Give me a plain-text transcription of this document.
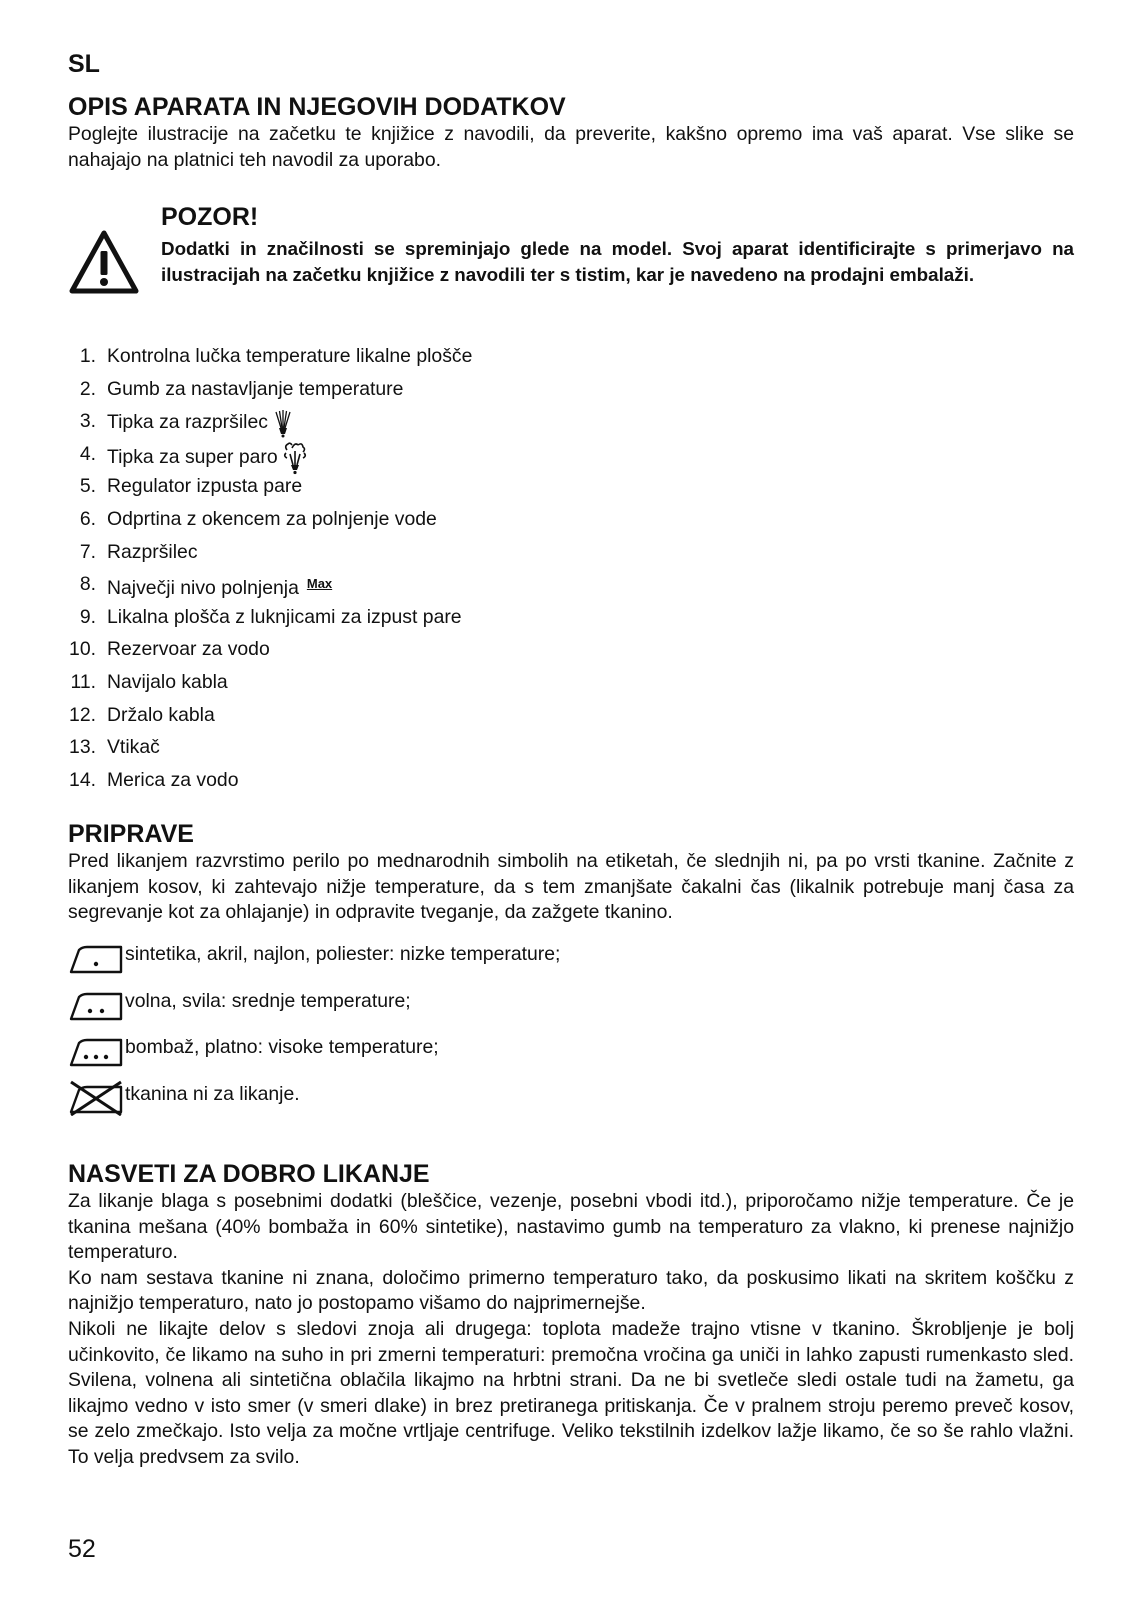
SL
OPIS APARATA IN NJEGOVIH DODATKOV
Poglejte ilustracije na začetku te knjižice z navodili, da preverite, kakšno opremo ima vaš aparat. Vse slike se nahajajo na platnici teh navodil za uporabo.
POZOR!
Dodatki in značilnosti se spreminjajo glede na model. Svoj aparat identificirajte s primerjavo na ilustracijah na začetku knjižice z navodili ter s tistim, kar je navedeno na prodajni embalaži.
1. Kontrolna lučka temperature likalne plošče
2. Gumb za nastavljanje temperature
3. Tipka za razpršilec
4. Tipka za super paro
5. Regulator izpusta pare
6. Odprtina z okencem za polnjenje vode
7. Razpršilec
8. Največji nivo polnjenja $^{Max}$
9. Likalna plošča z luknjicami za izpust pare
10. Rezervoar za vodo
11. Navijalo kabla
12. Držalo kabla
13. Vtikač
14. Merica za vodo
PRIPRAVE
Pred likanjem razvrstimo perilo po mednarodnih simbolih na etiketah, če slednjih ni, pa po vrsti tkanine. Začnite z likanjem kosov, ki zahtevajo nižje temperature, da s tem zmanjšate čakalni čas (likalnik potrebuje manj časa za segrevanje kot za ohlajanje) in odpravite tveganje, da zažgete tkanino.
sintetika, akril, najlon, poliester: nizke temperature;
volna, svila: srednje temperature;
bombaž, platno: visoke temperature;
tkanina ni za likanje.
NASVETI ZA DOBRO LIKANJE
Za likanje blaga s posebnimi dodatki (bleščice, vezenje, posebni vbodi itd.), priporočamo nižje temperature. Če je tkanina mešana (40% bombaža in 60% sintetike), nastavimo gumb na temperaturo za vlakno, ki prenese najnižjo temperaturo.
Ko nam sestava tkanine ni znana, določimo primerno temperaturo tako, da poskusimo likati na skritem koščku z najnižjo temperaturo, nato jo postopamo višamo do najprimernejše.
Nikoli ne likajte delov s sledovi znoja ali drugega: toplota madeže trajno vtisne v tkanino. Škrobljenje je bolj učinkovito, če likamo na suho in pri zmerni temperaturi: premočna vročina ga uniči in lahko zapusti rumenkasto sled. Svilena, volnena ali sintetična oblačila likajmo na hrbtni strani. Da ne bi svetleče sledi ostale tudi na žametu, ga likajmo vedno v isto smer (v smeri dlake) in brez pretiranega pritiskanja. Če v pralnem stroju peremo preveč kosov, se zelo zmečkajo. Isto velja za močne vrtljaje centrifuge. Veliko tekstilnih izdelkov lažje likamo, če so še rahlo vlažni. To velja predvsem za svilo.
52
